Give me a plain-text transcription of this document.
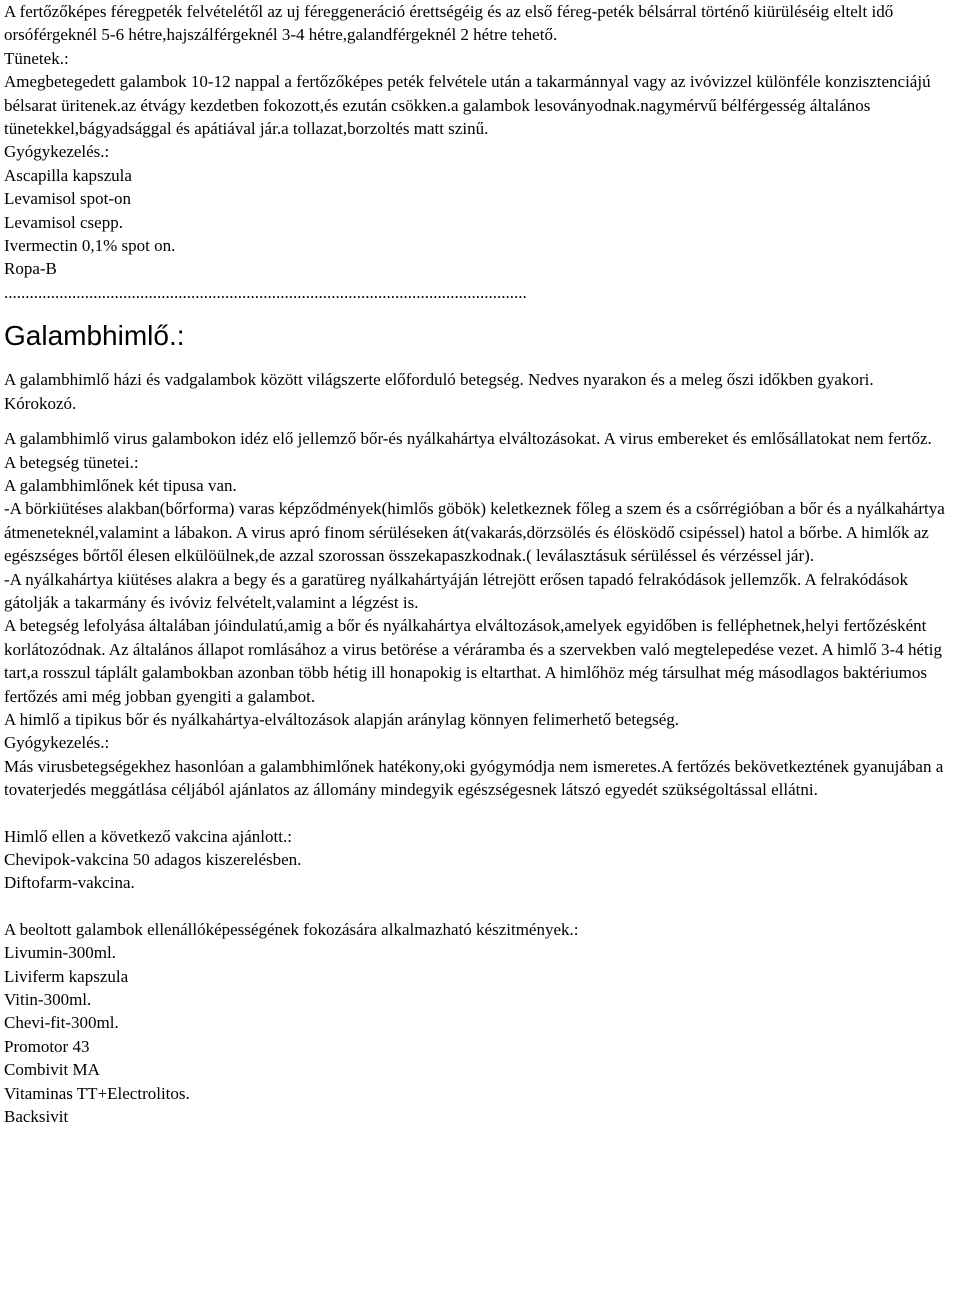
A fertőzőképes féregpeték felvételétől az uj féreggeneráció érettségéig és az első féreg-peték bélsárral történő kiürüléséig eltelt idő orsóférgeknél 5-6 hétre,hajszálférgeknél 3-4 hétre,galandférgeknél 2 hétre tehető.

Tünetek.:

Amegbetegedett galambok 10-12 nappal a fertőzőképes peték felvétele után a takarmánnyal vagy az ivóvizzel különféle konzisztenciájú bélsarat üritenek.az étvágy kezdetben fokozott,és ezután csökken.a galambok lesoványodnak.nagymérvű bélférgesség általános tünetekkel,bágyadsággal és apátiával jár.a tollazat,borzoltés matt szinű.

Gyógykezelés.:

Ascapilla kapszula

Levamisol spot-on

Levamisol csepp.

Ivermectin 0,1% spot on.

Ropa-B

...........................................................................................................................

Galambhimlő.:

A galambhimlő házi és vadgalambok között világszerte előforduló betegség. Nedves nyarakon és a meleg őszi időkben gyakori.

Kórokozó.

A galambhimlő virus galambokon idéz elő jellemző bőr-és nyálkahártya elváltozásokat. A virus embereket és emlősállatokat nem fertőz.

A betegség tünetei.:

A galambhimlőnek két tipusa van.

-A börkiütéses alakban(bőrforma) varas képződmények(himlős göbök) keletkeznek főleg a szem és a csőrrégióban a bőr és a nyálkahártya átmeneteknél,valamint a lábakon. A virus apró finom sérüléseken át(vakarás,dörzsölés és élösködő csipéssel) hatol a bőrbe. A himlők az egészséges bőrtől élesen elkülöülnek,de azzal szorossan összekapaszkodnak.( leválasztásuk sérüléssel és vérzéssel jár).

-A nyálkahártya kiütéses alakra a begy és a garatüreg nyálkahártyáján létrejött erősen tapadó felrakódások jellemzők. A felrakódások gátolják a takarmány és ivóviz felvételt,valamint a légzést is.

A betegség lefolyása általában jóindulatú,amig a bőr és nyálkahártya elváltozások,amelyek egyidőben is felléphetnek,helyi fertőzésként korlátozódnak. Az általános állapot romlásához a virus betörése a véráramba és a szervekben való megtelepedése vezet. A himlő 3-4 hétig tart,a rosszul táplált galambokban azonban több hétig ill honapokig is eltarthat. A himlőhöz még társulhat még másodlagos baktériumos fertőzés ami még jobban gyengiti a galambot.

A himlő a tipikus bőr és nyálkahártya-elváltozások alapján aránylag könnyen felimerhető betegség.

Gyógykezelés.:

Más virusbetegségekhez hasonlóan a galambhimlőnek hatékony,oki gyógymódja nem ismeretes.A fertőzés bekövetkeztének gyanujában a tovaterjedés meggátlása céljából ajánlatos az állomány mindegyik egészségesnek látszó egyedét szükségoltással ellátni.

Himlő ellen a következő vakcina ajánlott.:

Chevipok-vakcina 50 adagos kiszerelésben.

Diftofarm-vakcina.

A beoltott galambok ellenállóképességének fokozására alkalmazható készitmények.:

Livumin-300ml.

Liviferm kapszula

Vitin-300ml.

Chevi-fit-300ml.

Promotor 43

Combivit MA

Vitaminas TT+Electrolitos.

Backsivit
